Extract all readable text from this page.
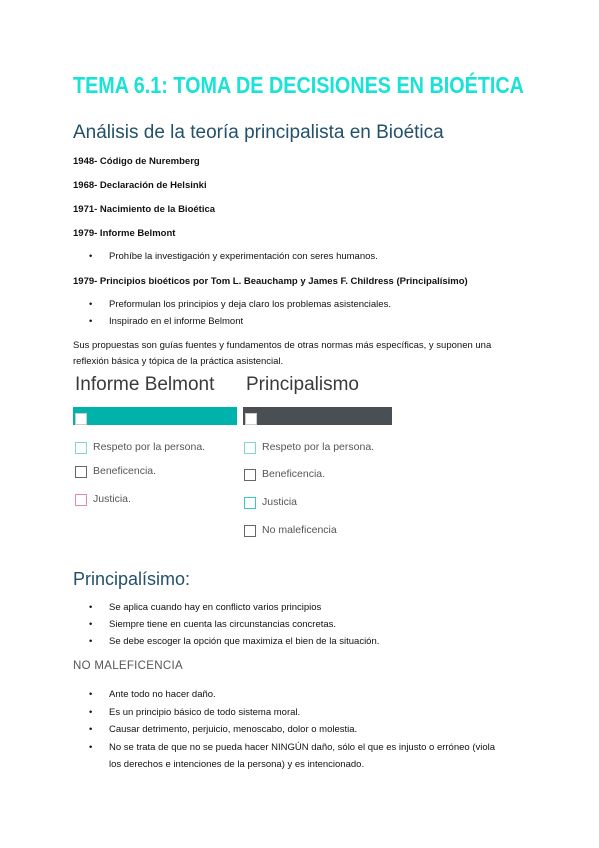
TEMA 6.1: TOMA DE DECISIONES EN BIOÉTICA
Análisis de la teoría principalista en Bioética
1948- Código de Nuremberg
1968- Declaración de Helsinki
1971- Nacimiento de la Bioética
1979- Informe Belmont
Prohíbe la investigación y experimentación con seres humanos.
1979- Principios bioéticos por Tom L. Beauchamp y James F. Childress (Principalísimo)
Preformulan los principios y deja claro los problemas asistenciales.
Inspirado en el informe Belmont
Sus propuestas son guías fuentes y fundamentos de otras normas más específicas, y suponen una
reflexión básica y tópica de la práctica asistencial.
Informe Belmont Principalismo
Respeto por la persona.
Beneficencia.
Justicia.
Respeto por la persona.
Beneficencia.
Justicia
No maleficencia
Principalísimo:
Se aplica cuando hay en conflicto varios principios
Siempre tiene en cuenta las circunstancias concretas.
Se debe escoger la opción que maximiza el bien de la situación.
NO MALEFICENCIA
Ante todo no hacer daño.
Es un principio básico de todo sistema moral.
Causar detrimento, perjuicio, menoscabo, dolor o molestia.
No se trata de que no se pueda hacer NINGÚN daño, sólo el que es injusto o erróneo (viola
los derechos e intenciones de la persona) y es intencionado.
